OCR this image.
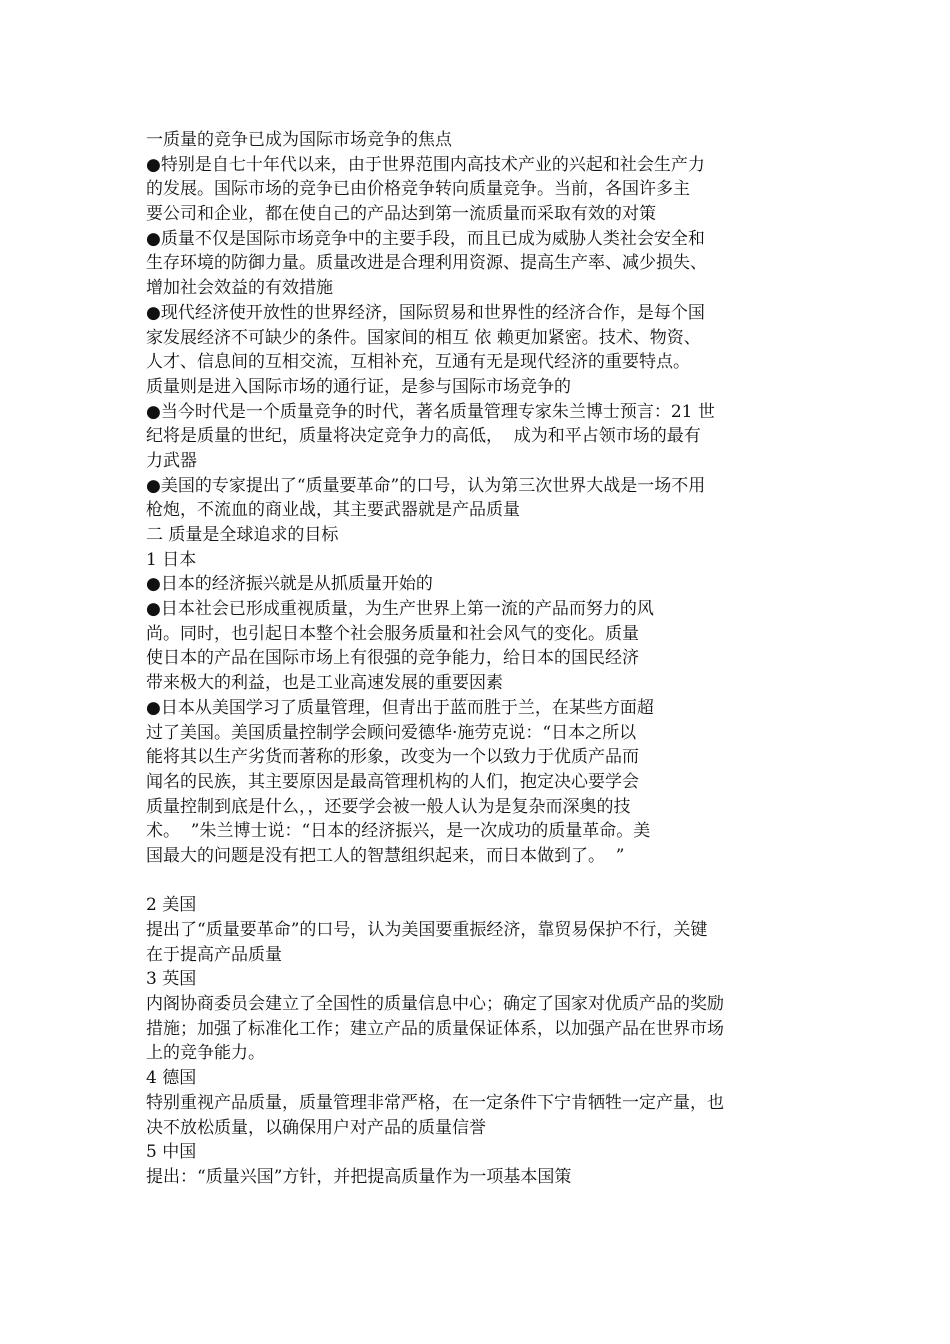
一质量的竞争已成为国际市场竞争的焦点
●特别是自七十年代以来，由于世界范围内高技术产业的兴起和社会生产力
的发展。国际市场的竞争已由价格竞争转向质量竞争。当前，各国许多主
要公司和企业，都在使自己的产品达到第一流质量而采取有效的对策
●质量不仅是国际市场竞争中的主要手段，而且已成为威胁人类社会安全和
生存环境的防御力量。质量改进是合理利用资源、提高生产率、减少损失、
增加社会效益的有效措施
●现代经济使开放性的世界经济，国际贸易和世界性的经济合作，是每个国
家发展经济不可缺少的条件。国家间的相互 依 赖更加紧密。技术、物资、
人才、信息间的互相交流，互相补充，互通有无是现代经济的重要特点。
质量则是进入国际市场的通行证，是参与国际市场竞争的
●当今时代是一个质量竞争的时代，著名质量管理专家朱兰博士预言：21 世
纪将是质量的世纪，质量将决定竞争力的高低，  成为和平占领市场的最有
力武器
●美国的专家提出了“质量要革命”的口号，认为第三次世界大战是一场不用
枪炮，不流血的商业战，其主要武器就是产品质量
二 质量是全球追求的目标
1 日本
●日本的经济振兴就是从抓质量开始的
●日本社会已形成重视质量，为生产世界上第一流的产品而努力的风
尚。同时，也引起日本整个社会服务质量和社会风气的变化。质量
使日本的产品在国际市场上有很强的竞争能力，给日本的国民经济
带来极大的利益，也是工业高速发展的重要因素
●日本从美国学习了质量管理，但青出于蓝而胜于兰，在某些方面超
过了美国。美国质量控制学会顾问爱德华·施劳克说：“日本之所以
能将其以生产劣货而著称的形象，改变为一个以致力于优质产品而
闻名的民族，其主要原因是最高管理机构的人们，抱定决心要学会
质量控制到底是什么，，还要学会被一般人认为是复杂而深奥的技
术。  ”朱兰博士说：“日本的经济振兴，是一次成功的质量革命。美
国最大的问题是没有把工人的智慧组织起来，而日本做到了。  ”
2 美国
提出了“质量要革命”的口号，认为美国要重振经济，靠贸易保护不行，关键
在于提高产品质量
3 英国
内阁协商委员会建立了全国性的质量信息中心；确定了国家对优质产品的奖励
措施；加强了标准化工作；建立产品的质量保证体系，以加强产品在世界市场
上的竞争能力。
4 德国
特别重视产品质量，质量管理非常严格，在一定条件下宁肯牺牲一定产量，也
决不放松质量，以确保用户对产品的质量信誉
5 中国
提出：“质量兴国”方针，并把提高质量作为一项基本国策
